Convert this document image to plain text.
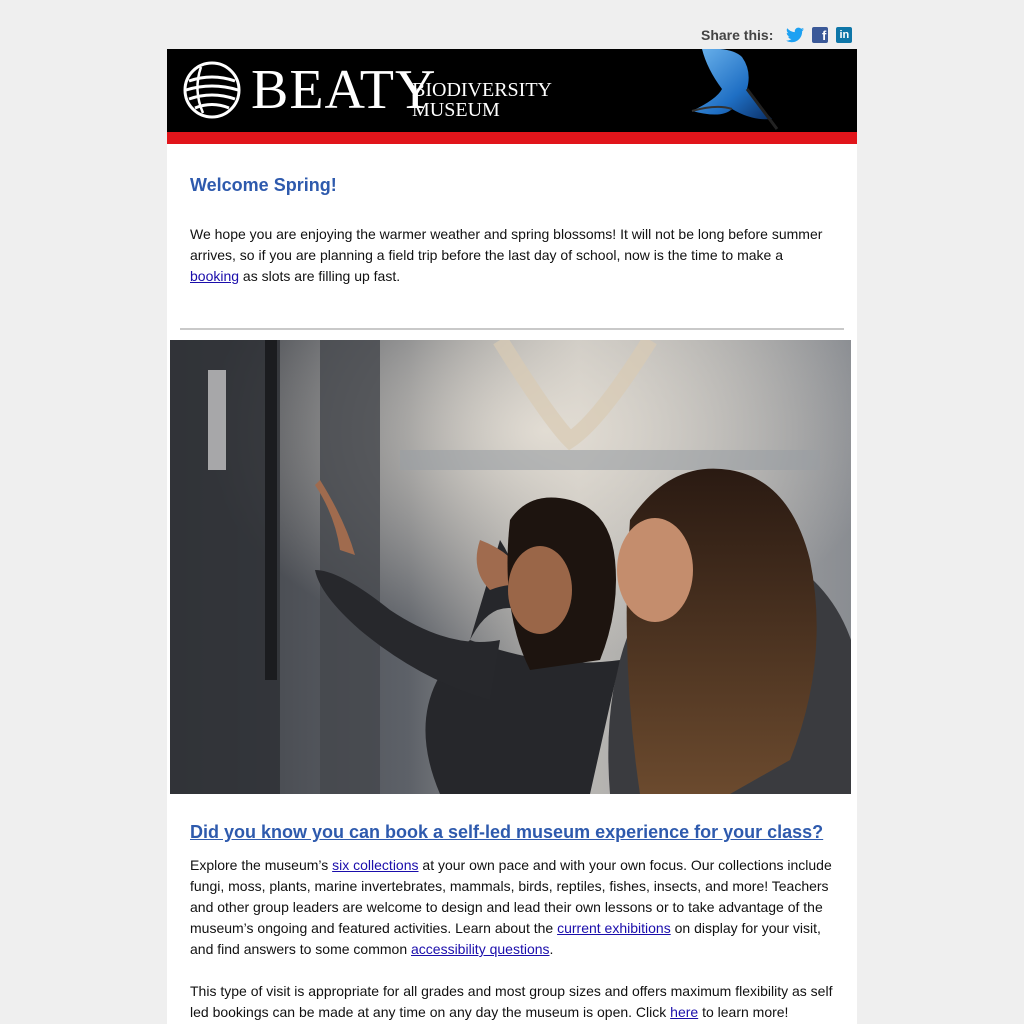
Share this:	f in
BEATY
BIODIVERSITY
MUSEUM
Welcome Spring!

We hope you are enjoying the warmer weather and spring blossoms! It will not be long before summer arrives, so if you are planning a field trip before the last day of school, now is the time to make a booking as slots are filling up fast.

Did you know you can book a self-led museum experience for your class?

Explore the museum’s six collections at your own pace and with your own focus. Our collections include fungi, moss, plants, marine invertebrates, mammals, birds, reptiles, fishes, insects, and more! Teachers and other group leaders are welcome to design and lead their own lessons or to take advantage of the museum’s ongoing and featured activities. Learn about the current exhibitions on display for your visit, and find answers to some common accessibility questions.

This type of visit is appropriate for all grades and most group sizes and offers maximum flexibility as self led bookings can be made at any time on any day the museum is open. Click here to learn more!
